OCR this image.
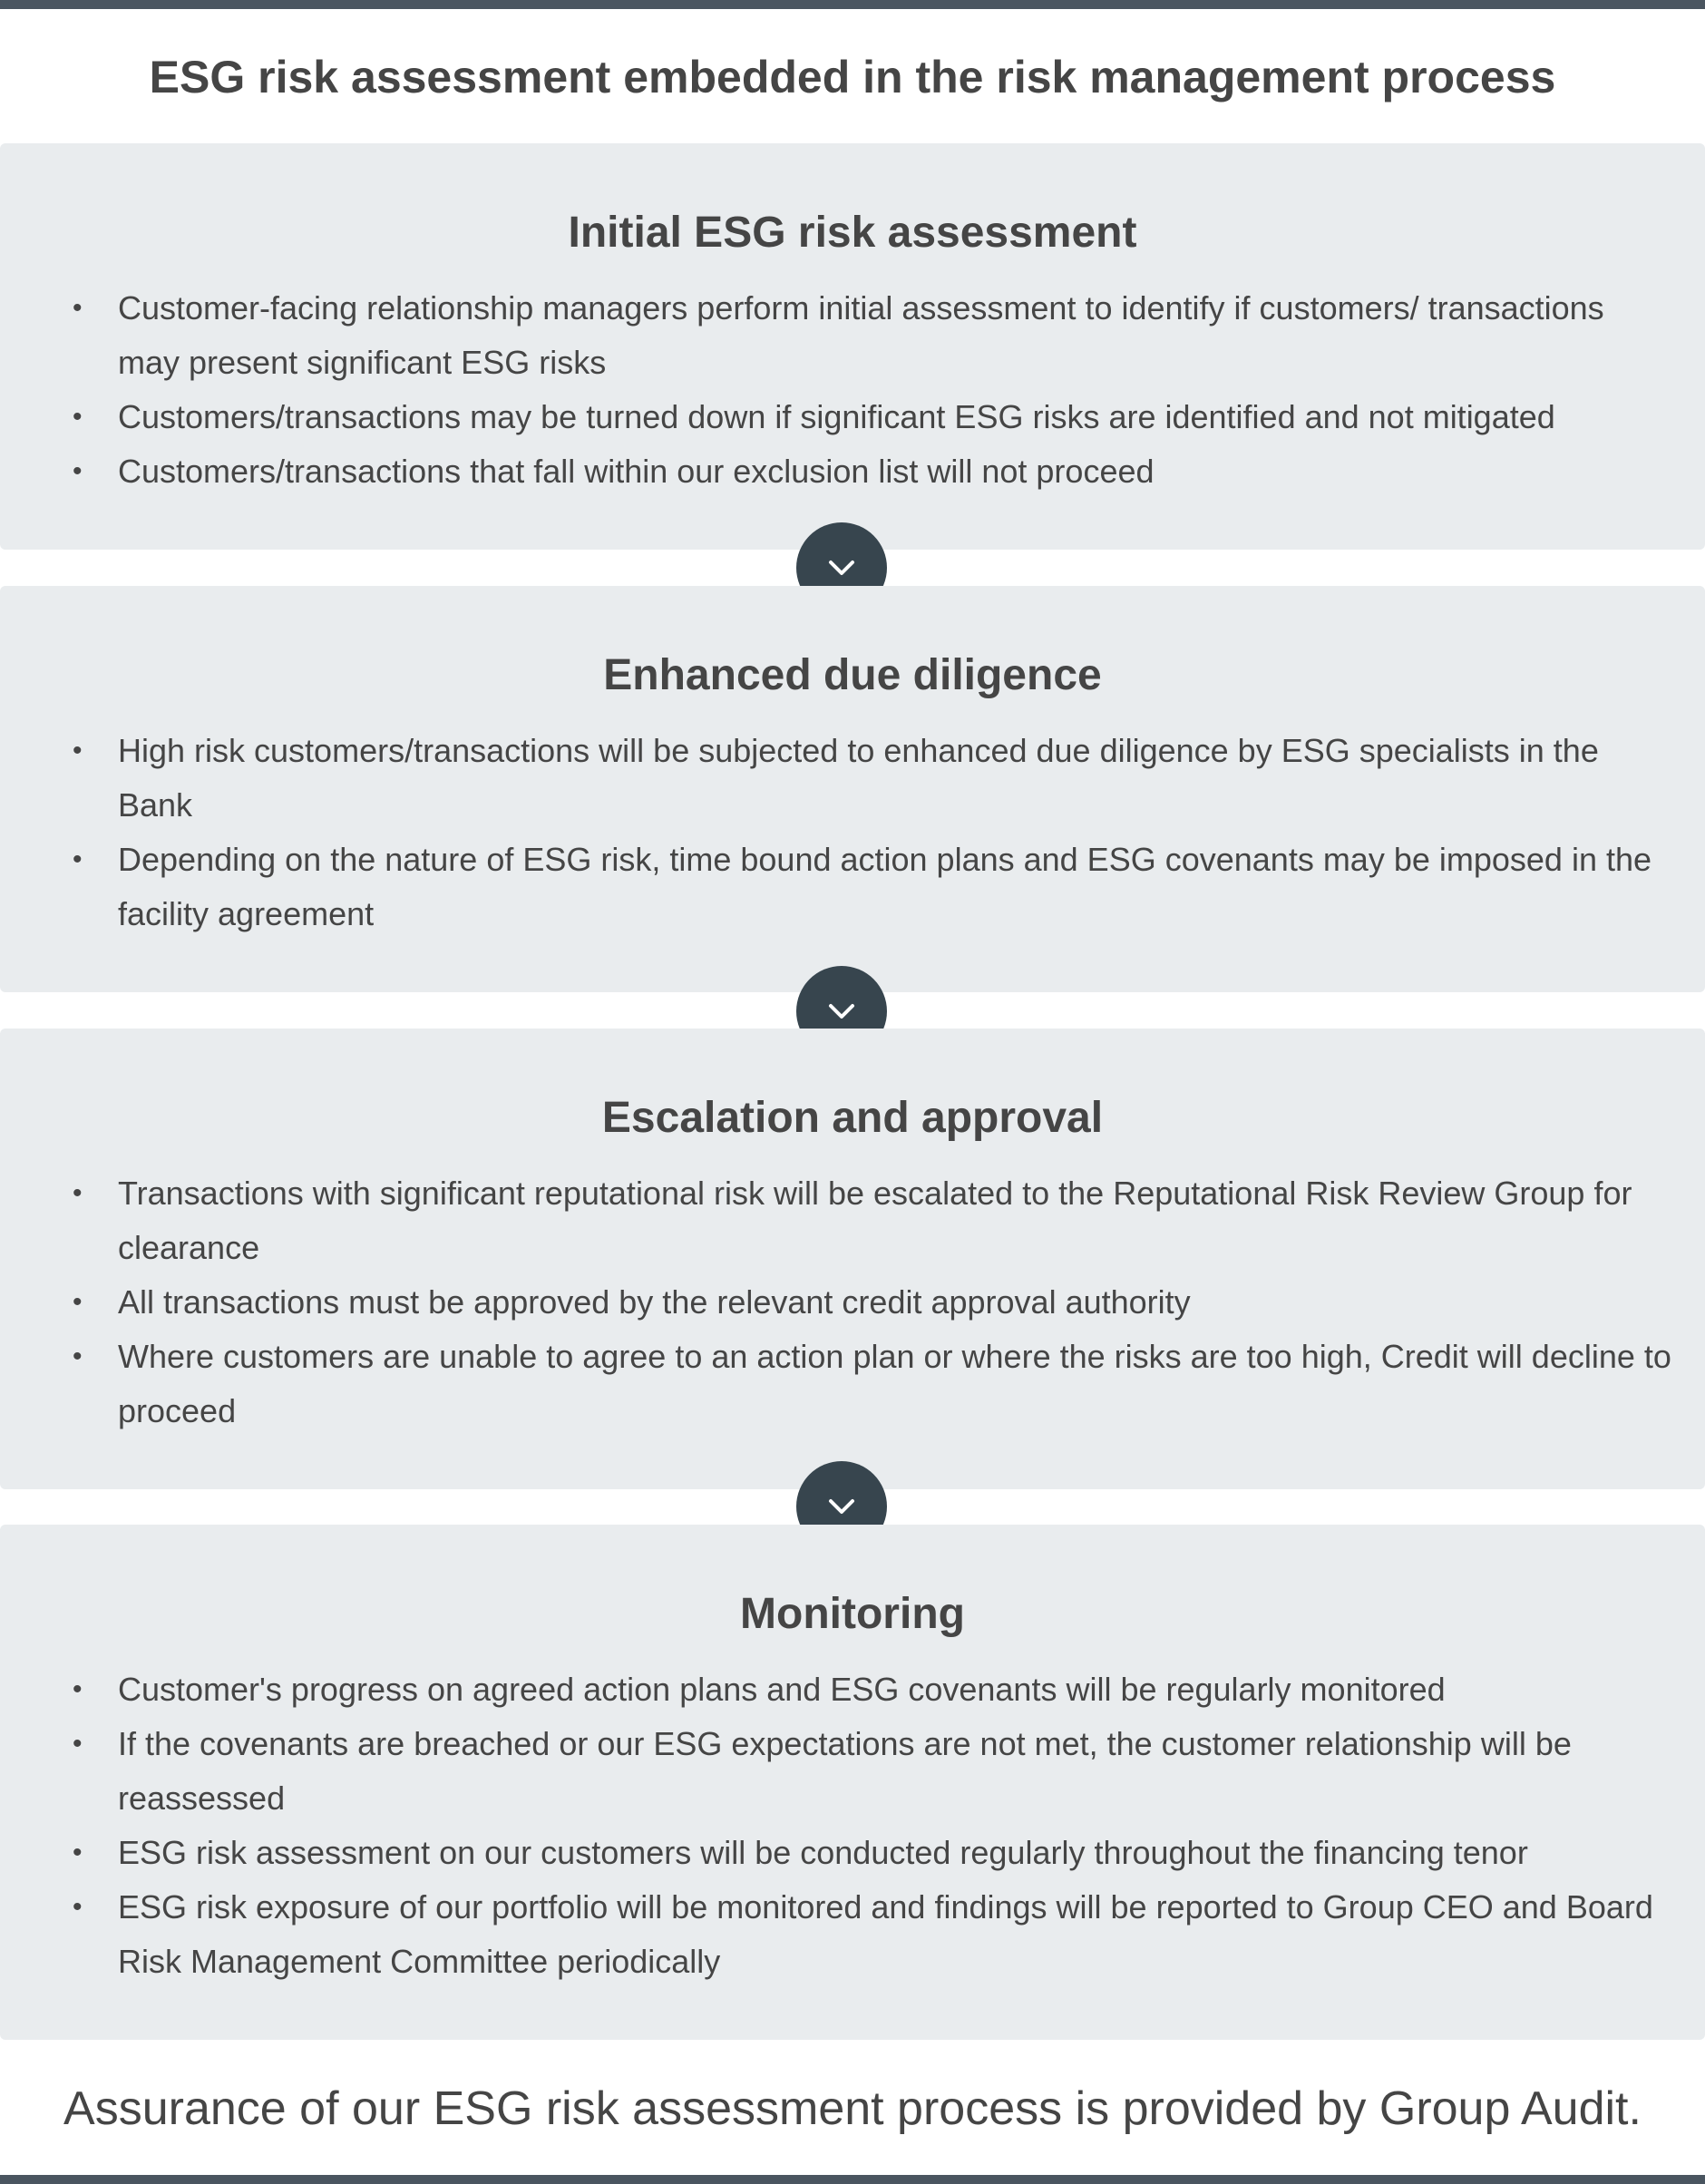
ESG risk assessment embedded in the risk management process
Initial ESG risk assessment
• Customer-facing relationship managers perform initial assessment to identify if customers/ transactions may present significant ESG risks
• Customers/transactions may be turned down if significant ESG risks are identified and not mitigated
• Customers/transactions that fall within our exclusion list will not proceed
Enhanced due diligence
• High risk customers/transactions will be subjected to enhanced due diligence by ESG specialists in the Bank
• Depending on the nature of ESG risk, time bound action plans and ESG covenants may be imposed in the facility agreement
Escalation and approval
• Transactions with significant reputational risk will be escalated to the Reputational Risk Review Group for clearance
• All transactions must be approved by the relevant credit approval authority
• Where customers are unable to agree to an action plan or where the risks are too high, Credit will decline to proceed
Monitoring
• Customer's progress on agreed action plans and ESG covenants will be regularly monitored
• If the covenants are breached or our ESG expectations are not met, the customer relationship will be reassessed
• ESG risk assessment on our customers will be conducted regularly throughout the financing tenor
• ESG risk exposure of our portfolio will be monitored and findings will be reported to Group CEO and Board Risk Management Committee periodically

Assurance of our ESG risk assessment process is provided by Group Audit.
